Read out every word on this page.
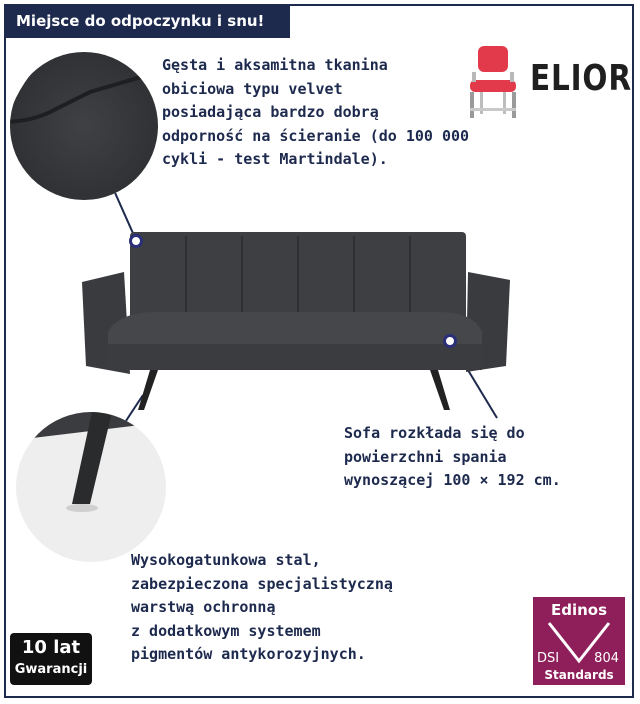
Miejsce do odpoczynku i snu!
ELIOR
Gęsta i aksamitna tkanina
obiciowa typu velvet
posiadająca bardzo dobrą
odporność na ścieranie (do 100 000
cykli - test Martindale).
Sofa rozkłada się do
powierzchni spania
wynoszącej 100 × 192 cm.
Wysokogatunkowa stal,
zabezpieczona specjalistyczną
warstwą ochronną
z dodatkowym systemem
pigmentów antykorozyjnych.
10 lat
Gwarancji
Edinos
DSI	804
Standards
